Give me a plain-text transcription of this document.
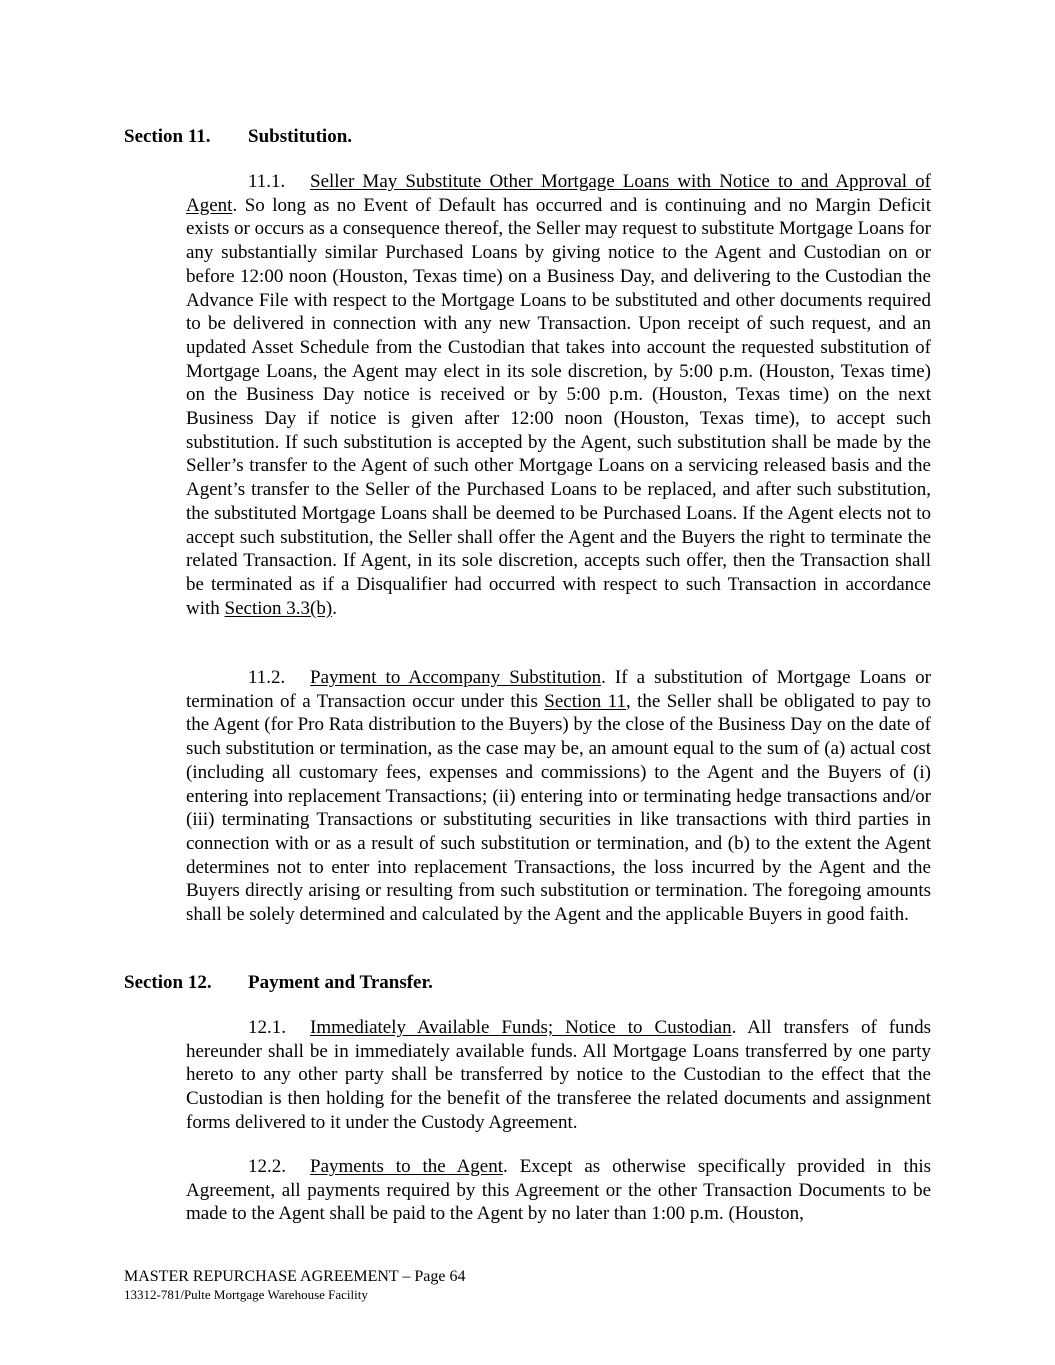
Section 11. Substitution.
11.1. Seller May Substitute Other Mortgage Loans with Notice to and Approval of Agent. So long as no Event of Default has occurred and is continuing and no Margin Deficit exists or occurs as a consequence thereof, the Seller may request to substitute Mortgage Loans for any substantially similar Purchased Loans by giving notice to the Agent and Custodian on or before 12:00 noon (Houston, Texas time) on a Business Day, and delivering to the Custodian the Advance File with respect to the Mortgage Loans to be substituted and other documents required to be delivered in connection with any new Transaction. Upon receipt of such request, and an updated Asset Schedule from the Custodian that takes into account the requested substitution of Mortgage Loans, the Agent may elect in its sole discretion, by 5:00 p.m. (Houston, Texas time) on the Business Day notice is received or by 5:00 p.m. (Houston, Texas time) on the next Business Day if notice is given after 12:00 noon (Houston, Texas time), to accept such substitution. If such substitution is accepted by the Agent, such substitution shall be made by the Seller’s transfer to the Agent of such other Mortgage Loans on a servicing released basis and the Agent’s transfer to the Seller of the Purchased Loans to be replaced, and after such substitution, the substituted Mortgage Loans shall be deemed to be Purchased Loans. If the Agent elects not to accept such substitution, the Seller shall offer the Agent and the Buyers the right to terminate the related Transaction. If Agent, in its sole discretion, accepts such offer, then the Transaction shall be terminated as if a Disqualifier had occurred with respect to such Transaction in accordance with Section 3.3(b).
11.2. Payment to Accompany Substitution. If a substitution of Mortgage Loans or termination of a Transaction occur under this Section 11, the Seller shall be obligated to pay to the Agent (for Pro Rata distribution to the Buyers) by the close of the Business Day on the date of such substitution or termination, as the case may be, an amount equal to the sum of (a) actual cost (including all customary fees, expenses and commissions) to the Agent and the Buyers of (i) entering into replacement Transactions; (ii) entering into or terminating hedge transactions and/or (iii) terminating Transactions or substituting securities in like transactions with third parties in connection with or as a result of such substitution or termination, and (b) to the extent the Agent determines not to enter into replacement Transactions, the loss incurred by the Agent and the Buyers directly arising or resulting from such substitution or termination. The foregoing amounts shall be solely determined and calculated by the Agent and the applicable Buyers in good faith.
Section 12. Payment and Transfer.
12.1. Immediately Available Funds; Notice to Custodian. All transfers of funds hereunder shall be in immediately available funds. All Mortgage Loans transferred by one party hereto to any other party shall be transferred by notice to the Custodian to the effect that the Custodian is then holding for the benefit of the transferee the related documents and assignment forms delivered to it under the Custody Agreement.
12.2. Payments to the Agent. Except as otherwise specifically provided in this Agreement, all payments required by this Agreement or the other Transaction Documents to be made to the Agent shall be paid to the Agent by no later than 1:00 p.m. (Houston,
MASTER REPURCHASE AGREEMENT – Page 64
13312-781/Pulte Mortgage Warehouse Facility
